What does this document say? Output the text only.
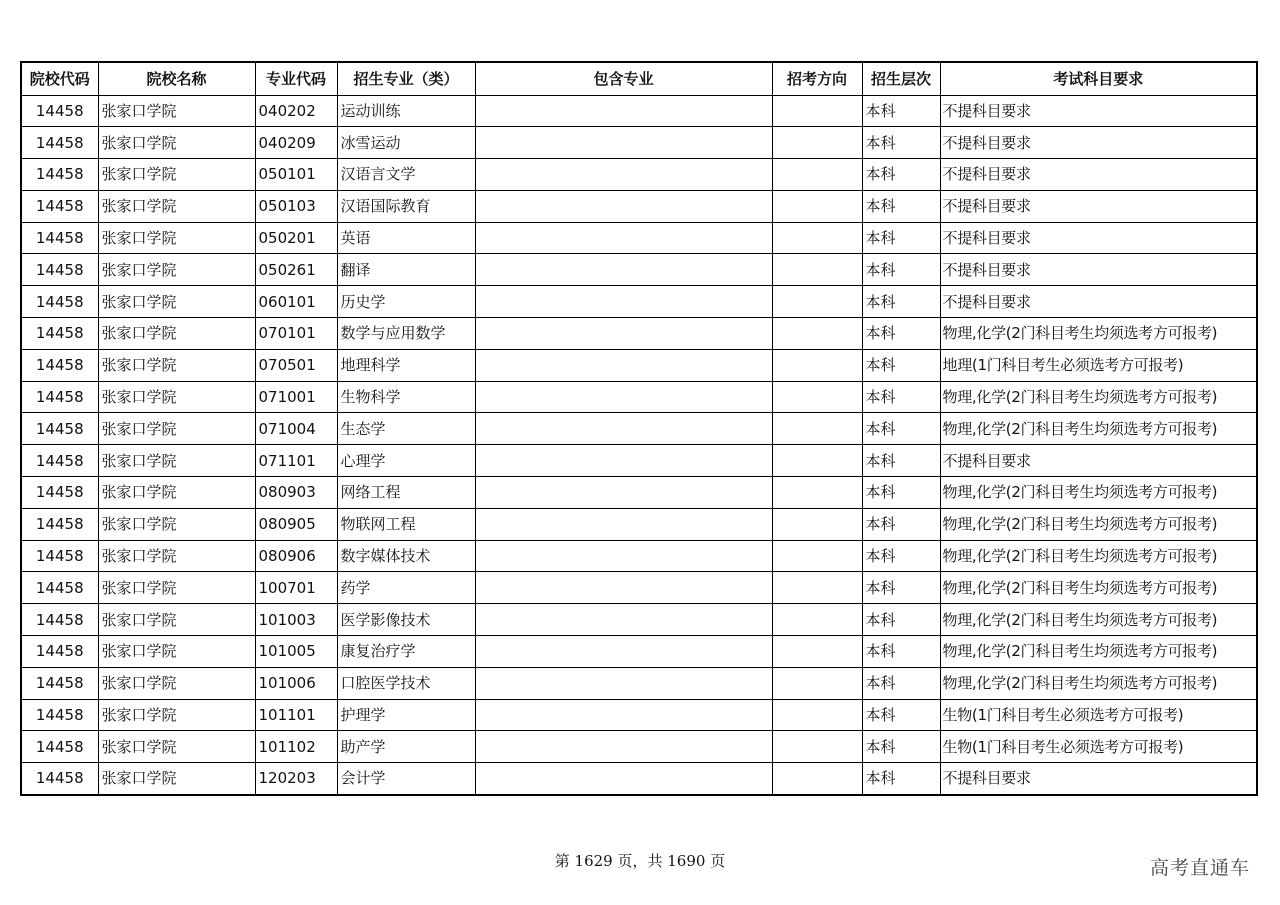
院校代码	院校名称	专业代码	招生专业（类）	包含专业	招考方向	招生层次	考试科目要求
14458	张家口学院	040202	运动训练			本科	不提科目要求
14458	张家口学院	040209	冰雪运动			本科	不提科目要求
14458	张家口学院	050101	汉语言文学			本科	不提科目要求
14458	张家口学院	050103	汉语国际教育			本科	不提科目要求
14458	张家口学院	050201	英语			本科	不提科目要求
14458	张家口学院	050261	翻译			本科	不提科目要求
14458	张家口学院	060101	历史学			本科	不提科目要求
14458	张家口学院	070101	数学与应用数学			本科	物理,化学(2门科目考生均须选考方可报考)
14458	张家口学院	070501	地理科学			本科	地理(1门科目考生必须选考方可报考)
14458	张家口学院	071001	生物科学			本科	物理,化学(2门科目考生均须选考方可报考)
14458	张家口学院	071004	生态学			本科	物理,化学(2门科目考生均须选考方可报考)
14458	张家口学院	071101	心理学			本科	不提科目要求
14458	张家口学院	080903	网络工程			本科	物理,化学(2门科目考生均须选考方可报考)
14458	张家口学院	080905	物联网工程			本科	物理,化学(2门科目考生均须选考方可报考)
14458	张家口学院	080906	数字媒体技术			本科	物理,化学(2门科目考生均须选考方可报考)
14458	张家口学院	100701	药学			本科	物理,化学(2门科目考生均须选考方可报考)
14458	张家口学院	101003	医学影像技术			本科	物理,化学(2门科目考生均须选考方可报考)
14458	张家口学院	101005	康复治疗学			本科	物理,化学(2门科目考生均须选考方可报考)
14458	张家口学院	101006	口腔医学技术			本科	物理,化学(2门科目考生均须选考方可报考)
14458	张家口学院	101101	护理学			本科	生物(1门科目考生必须选考方可报考)
14458	张家口学院	101102	助产学			本科	生物(1门科目考生必须选考方可报考)
14458	张家口学院	120203	会计学			本科	不提科目要求
第 1629 页，共 1690 页	高考直通车
